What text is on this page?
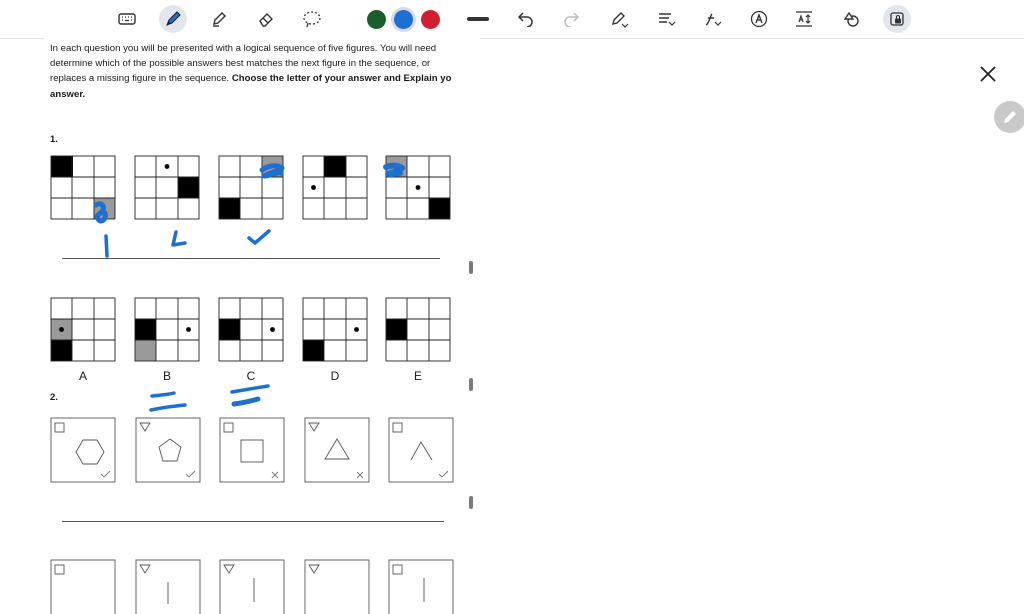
In each question you will be presented with a logical sequence of five figures. You will need
determine which of the possible answers best matches the next figure in the sequence, or
replaces a missing figure in the sequence. Choose the letter of your answer and Explain yo
answer.
1.
A	B	C	D	E
2.
